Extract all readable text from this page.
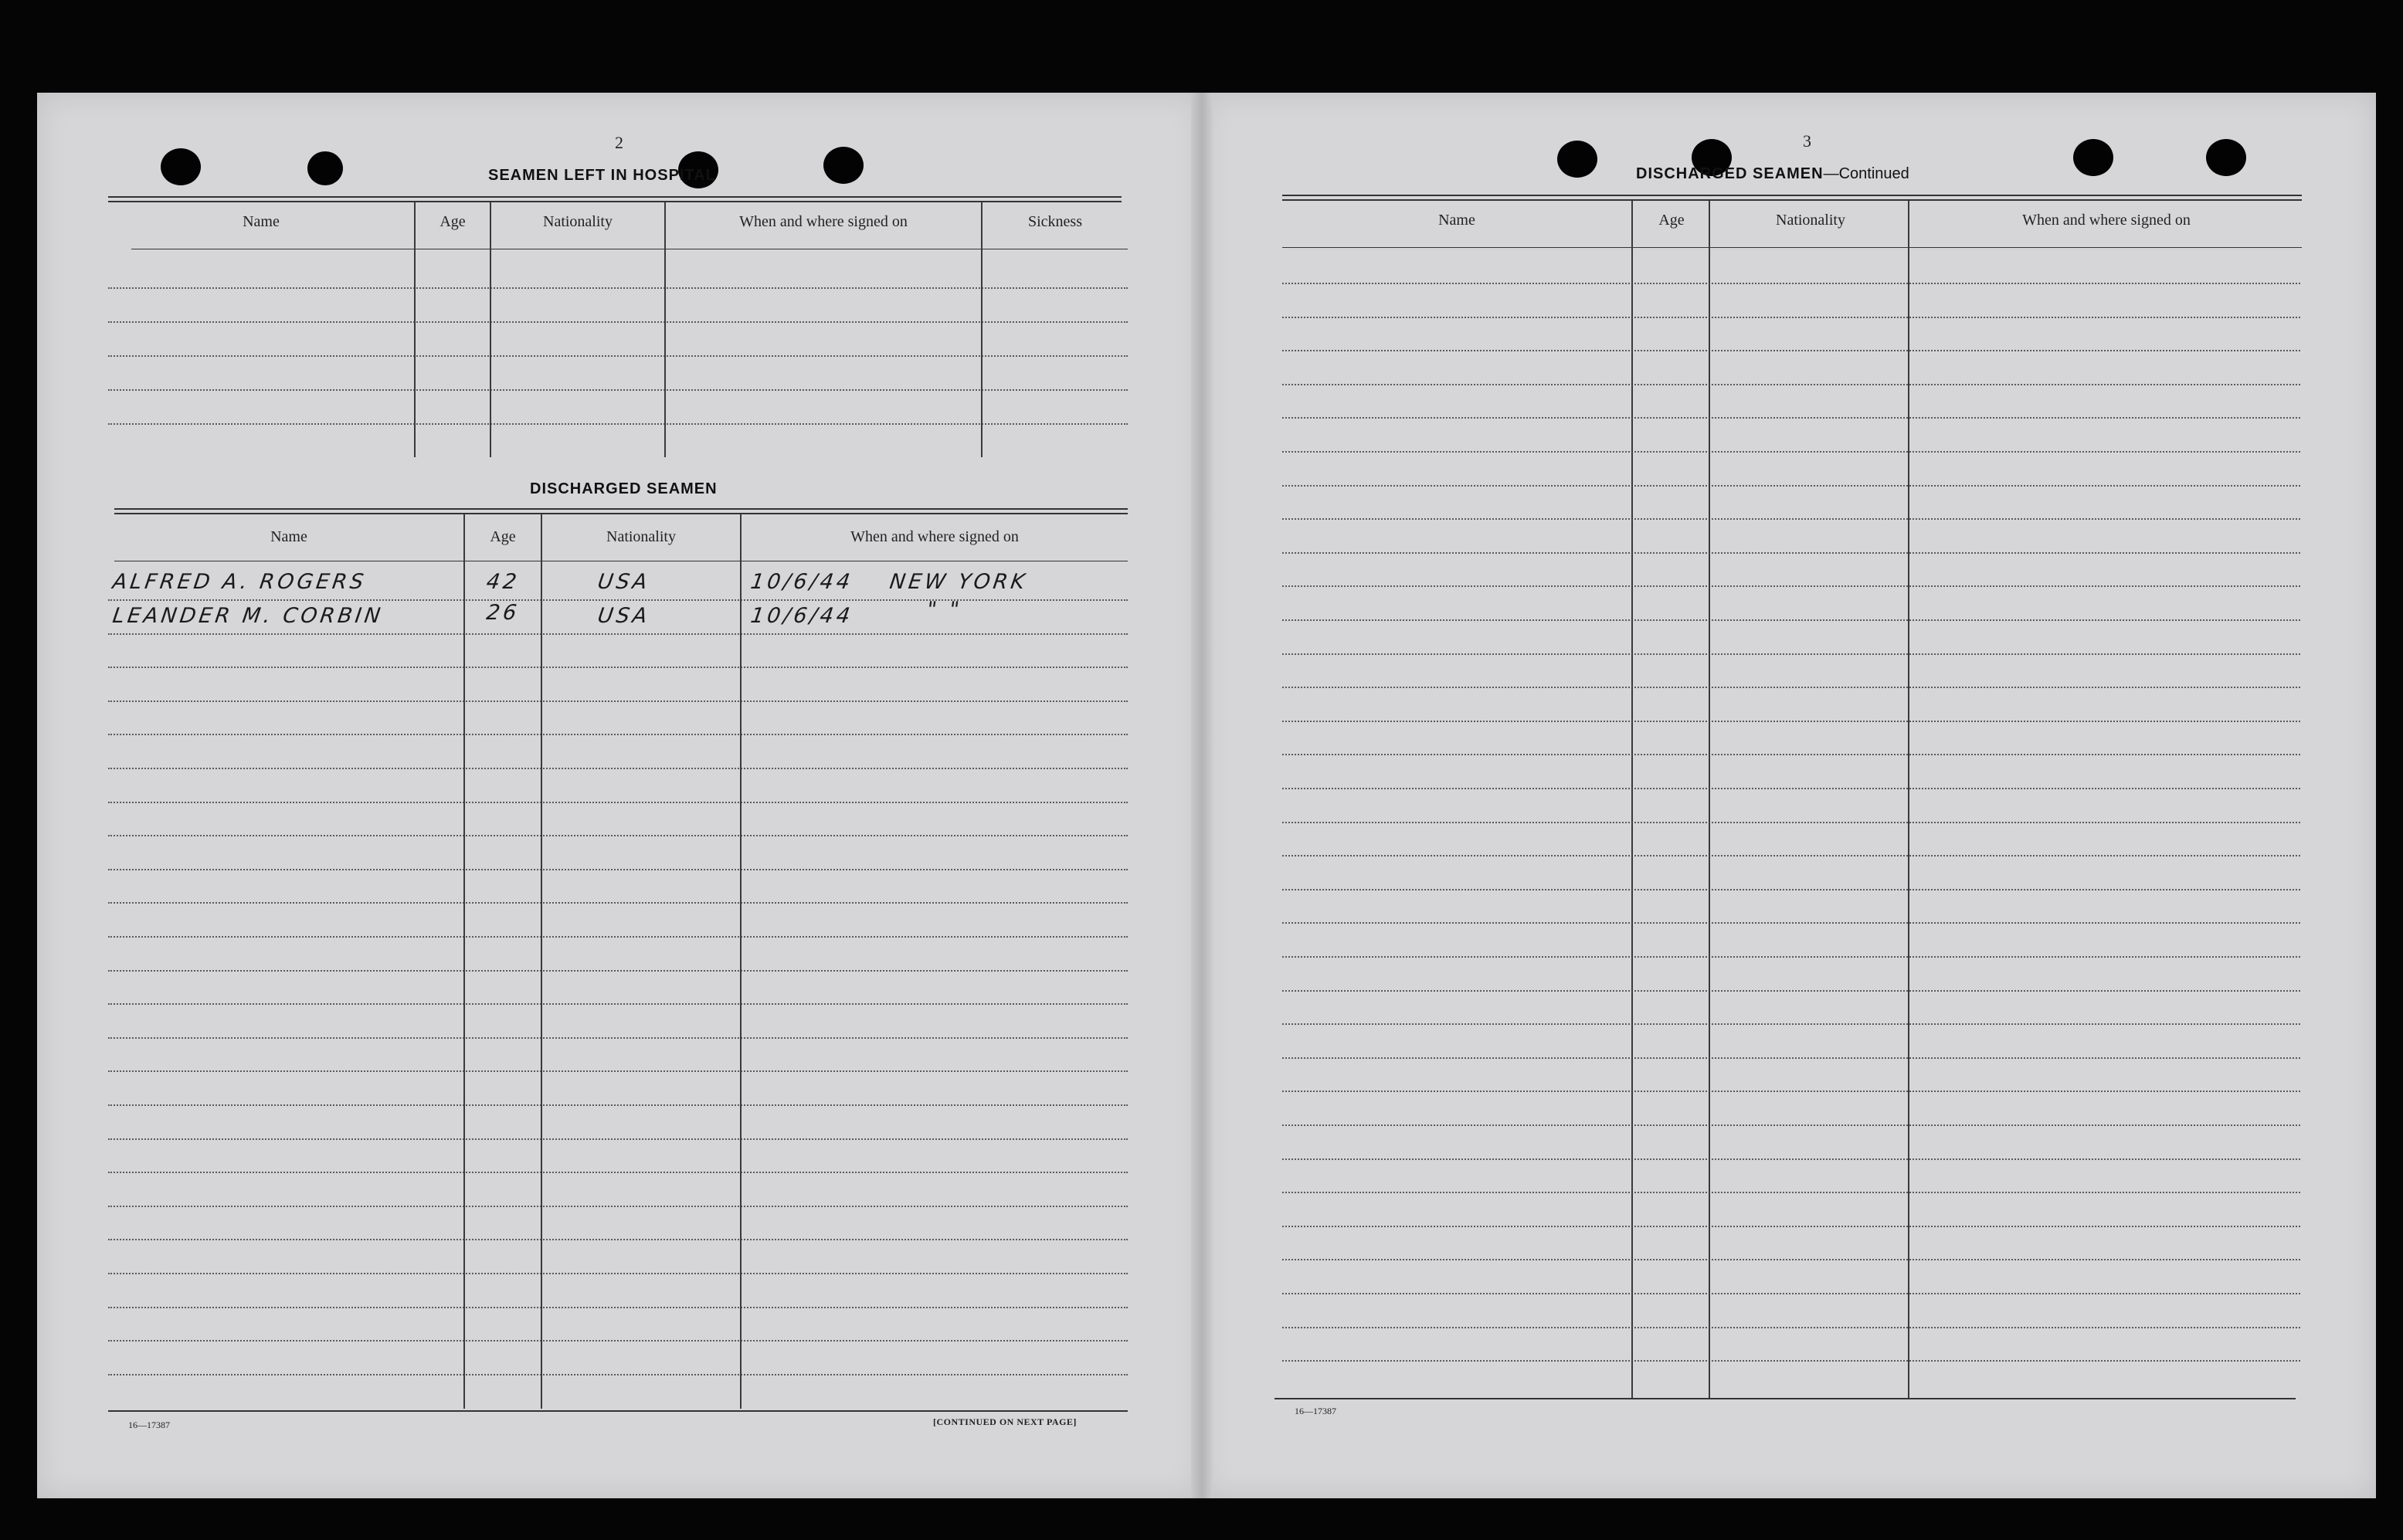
2
SEAMEN LEFT IN HOSPITAL
Name	Age	Nationality	When and where signed on	Sickness
DISCHARGED SEAMEN
Name	Age	Nationality	When and where signed on
ALFRED A. ROGERS	42	USA	10/6/44 NEW YORK
LEANDER M. CORBIN	26	USA	10/6/44	" "
16—17387	[CONTINUED ON NEXT PAGE]
3
DISCHARGED SEAMEN—Continued
Name	Age	Nationality	When and where signed on
16—17387
